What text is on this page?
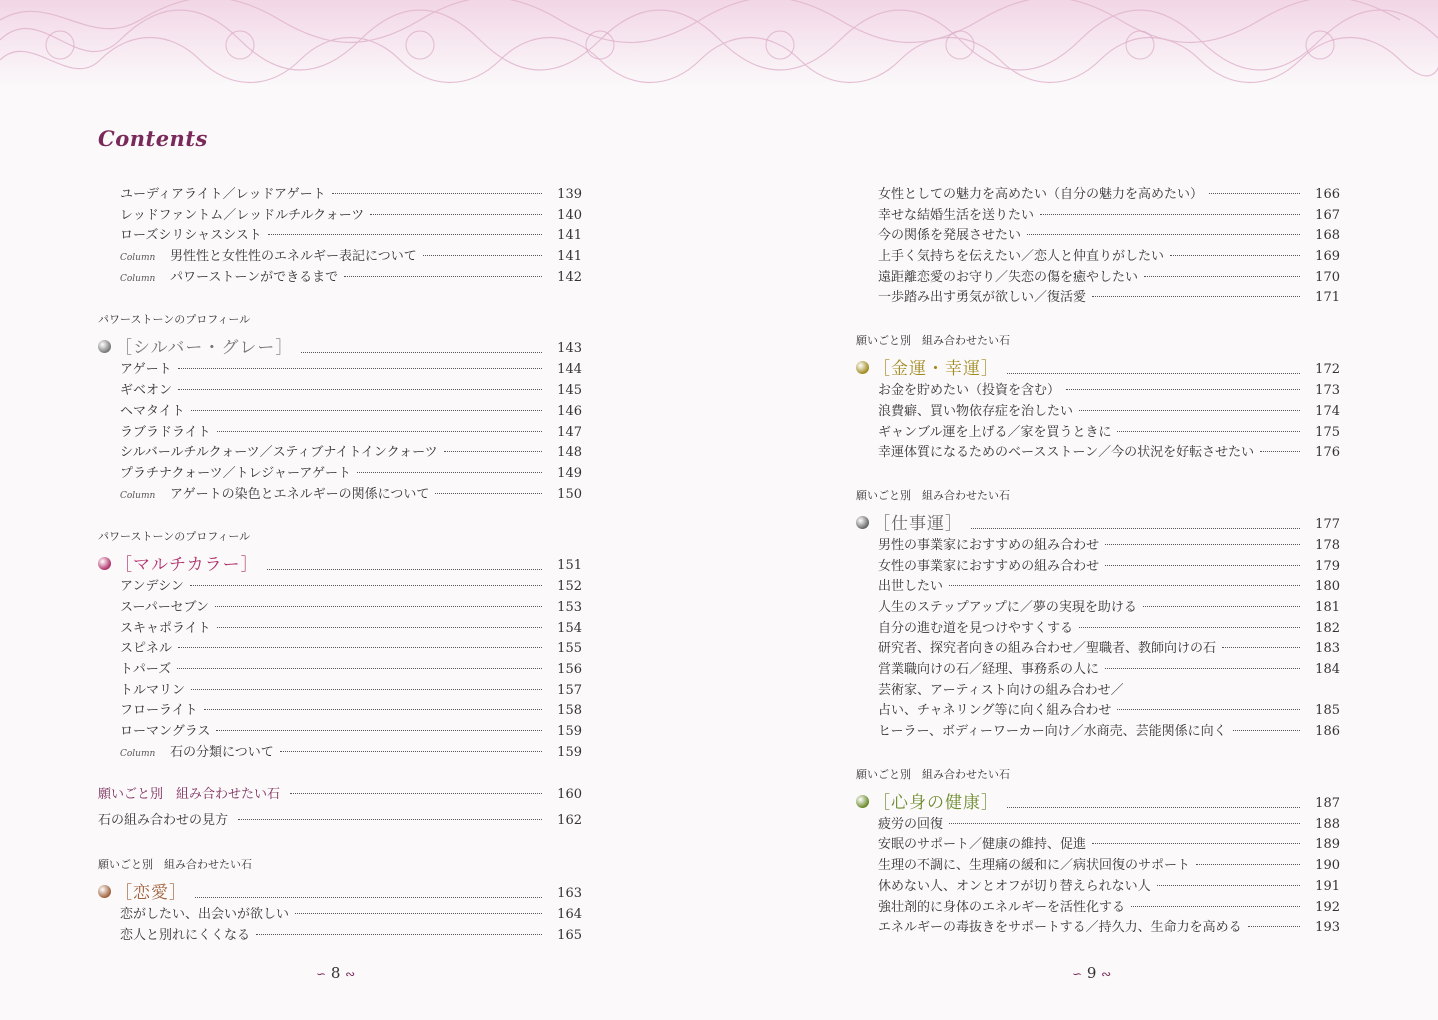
Contents
ユーディアライト／レッドアゲート	139
レッドファントム／レッドルチルクォーツ	140
ローズシリシャスシスト	141
Column	男性性と女性性のエネルギー表記について	141
Column	パワーストーンができるまで	142
パワーストーンのプロフィール
［シルバー・グレー］	143
アゲート	144
ギベオン	145
ヘマタイト	146
ラブラドライト	147
シルバールチルクォーツ／スティブナイトインクォーツ	148
プラチナクォーツ／トレジャーアゲート	149
Column	アゲートの染色とエネルギーの関係について	150
パワーストーンのプロフィール
［マルチカラー］	151
アンデシン	152
スーパーセブン	153
スキャポライト	154
スピネル	155
トパーズ	156
トルマリン	157
フローライト	158
ローマングラス	159
Column	石の分類について	159
願いごと別　組み合わせたい石	160
石の組み合わせの見方	162
願いごと別　組み合わせたい石
［恋愛］	163
恋がしたい、出会いが欲しい	164
恋人と別れにくくなる	165
女性としての魅力を高めたい（自分の魅力を高めたい）	166
幸せな結婚生活を送りたい	167
今の関係を発展させたい	168
上手く気持ちを伝えたい／恋人と仲直りがしたい	169
遠距離恋愛のお守り／失恋の傷を癒やしたい	170
一歩踏み出す勇気が欲しい／復活愛	171
願いごと別　組み合わせたい石
［金運・幸運］	172
お金を貯めたい（投資を含む）	173
浪費癖、買い物依存症を治したい	174
ギャンブル運を上げる／家を買うときに	175
幸運体質になるためのベースストーン／今の状況を好転させたい	176
願いごと別　組み合わせたい石
［仕事運］	177
男性の事業家におすすめの組み合わせ	178
女性の事業家におすすめの組み合わせ	179
出世したい	180
人生のステップアップに／夢の実現を助ける	181
自分の進む道を見つけやすくする	182
研究者、探究者向きの組み合わせ／聖職者、教師向けの石	183
営業職向けの石／経理、事務系の人に	184
芸術家、アーティスト向けの組み合わせ／
占い、チャネリング等に向く組み合わせ	185
ヒーラー、ボディーワーカー向け／水商売、芸能関係に向く	186
願いごと別　組み合わせたい石
［心身の健康］	187
疲労の回復	188
安眠のサポート／健康の維持、促進	189
生理の不調に、生理痛の緩和に／病状回復のサポート	190
休めない人、オンとオフが切り替えられない人	191
強壮剤的に身体のエネルギーを活性化する	192
エネルギーの毒抜きをサポートする／持久力、生命力を高める	193
∽ 8 ∾	∽ 9 ∾
